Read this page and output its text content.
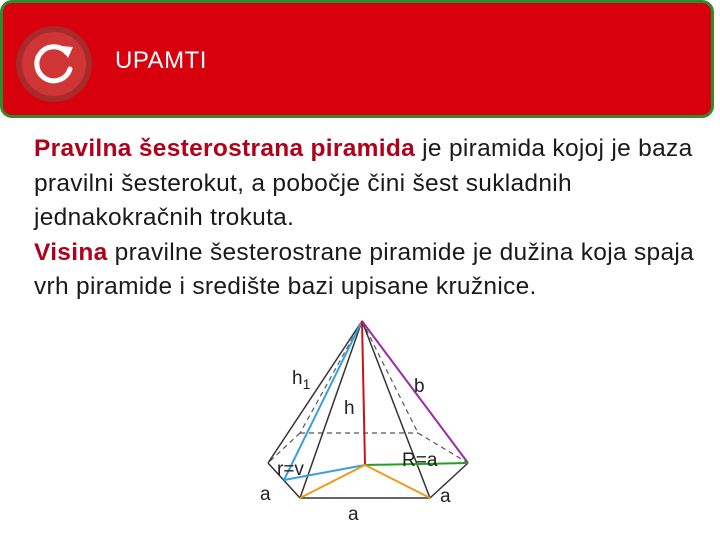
UPAMTI
Pravilna šesterostrana piramida je piramida kojoj je baza pravilni šesterokut, a pobočje čini šest sukladnih jednakokračnih trokuta.
Visina pravilne šesterostrane piramide je dužina koja spaja vrh piramide i središte bazi upisane kružnice.
$h_1$
h
b
r=v	R=a
a
a
a
